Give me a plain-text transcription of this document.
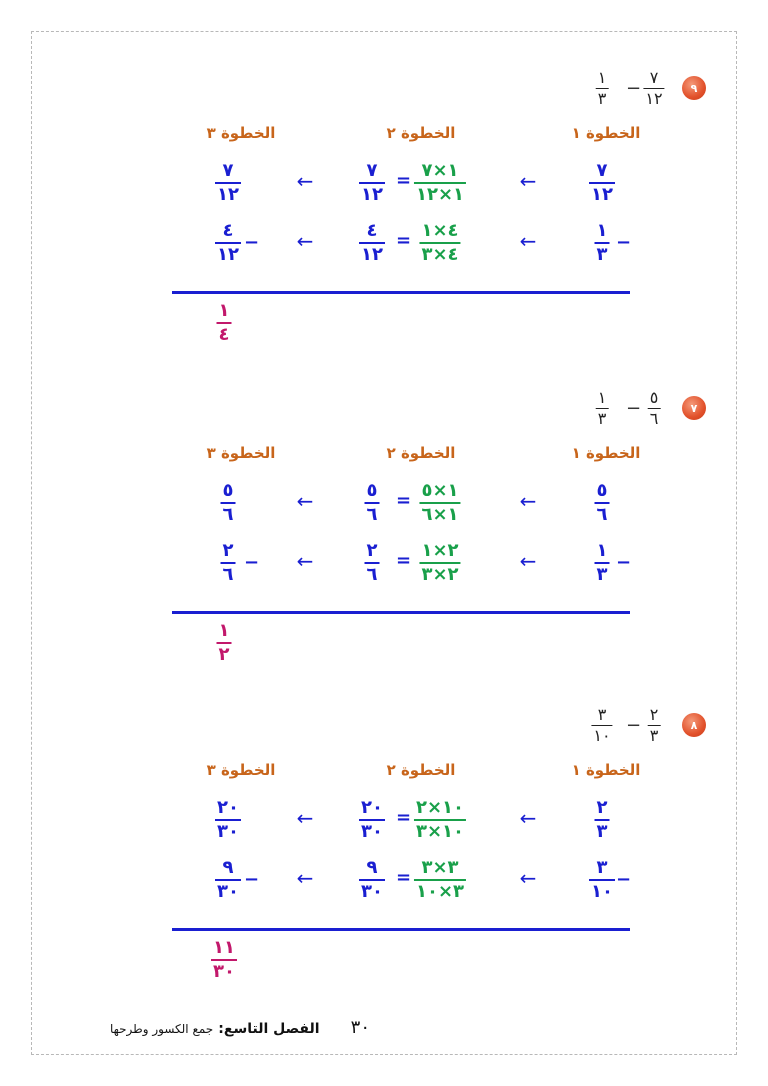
٩
٧
١٢
−
١
٣
الخطوة ١
الخطوة ٢
الخطوة ٣
٧
١٢
←
١×٧
١×١٢
=
٧
١٢
←
٧
١٢
١
٣
−
←
٤×١
٤×٣
=
٤
١٢
←
٤
١٢
−
١
٤
٧
٥
٦
−
١
٣
الخطوة ١
الخطوة ٢
الخطوة ٣
٥
٦
←
١×٥
١×٦
=
٥
٦
←
٥
٦
١
٣
−
←
٢×١
٢×٣
=
٢
٦
←
٢
٦
−
١
٢
٨
٢
٣
−
٣
١٠
الخطوة ١
الخطوة ٢
الخطوة ٣
٢
٣
←
١٠×٢
١٠×٣
=
٢٠
٣٠
←
٢٠
٣٠
٣
١٠
−
←
٣×٣
٣×١٠
=
٩
٣٠
←
٩
٣٠
−
١١
٣٠
٣٠ الفصل التاسع: جمع الكسور وطرحها
